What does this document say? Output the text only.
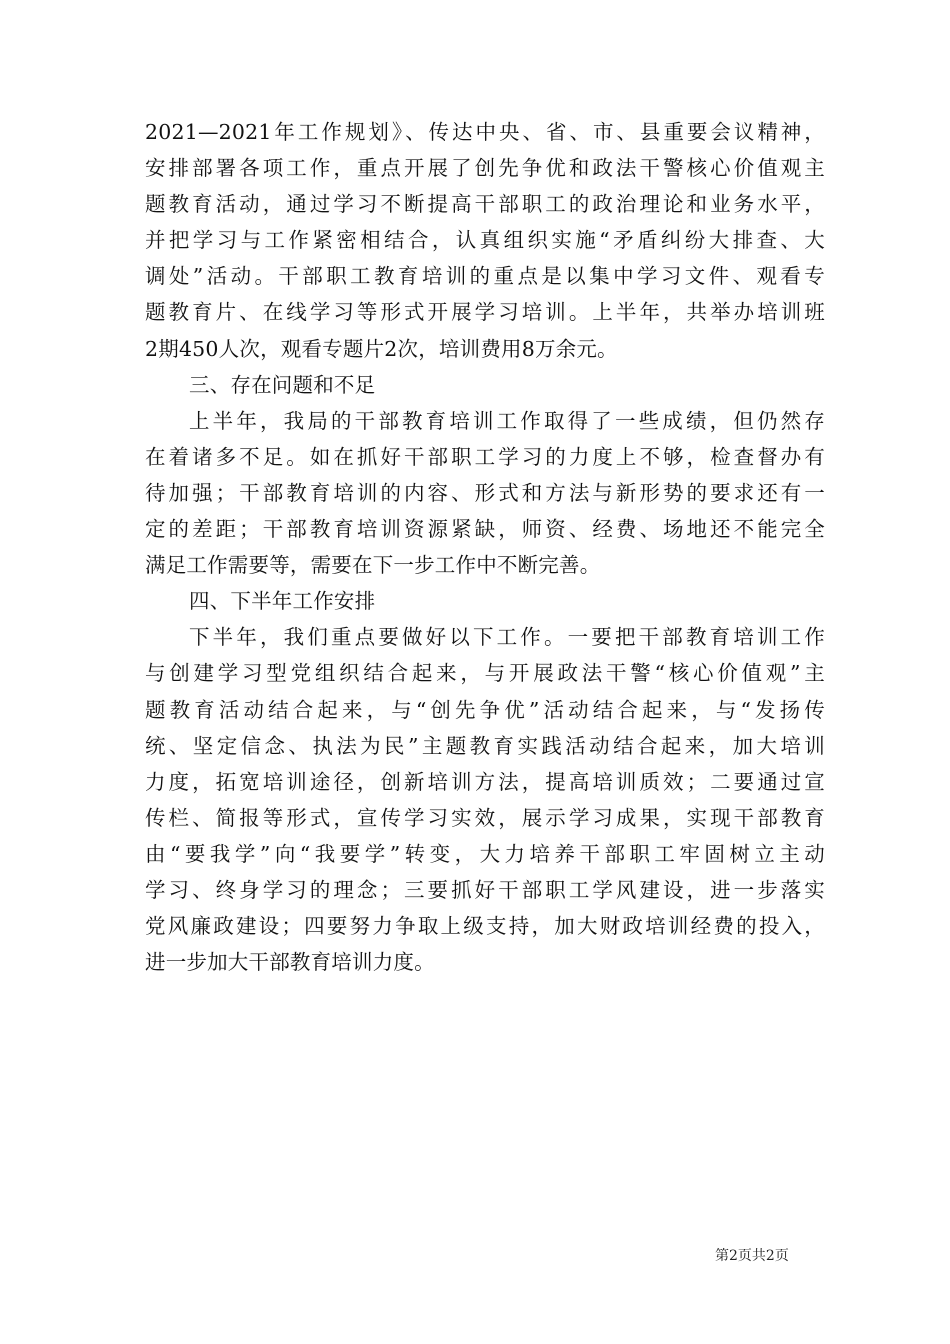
2021—2021年工作规划》、传达中央、省、市、县重要会议精神，
安排部署各项工作，重点开展了创先争优和政法干警核心价值观主
题教育活动，通过学习不断提高干部职工的政治理论和业务水平，
并把学习与工作紧密相结合，认真组织实施“矛盾纠纷大排查、大
调处”活动。干部职工教育培训的重点是以集中学习文件、观看专
题教育片、在线学习等形式开展学习培训。上半年，共举办培训班
2期450人次，观看专题片2次，培训费用8万余元。
三、存在问题和不足
上半年，我局的干部教育培训工作取得了一些成绩，但仍然存
在着诸多不足。如在抓好干部职工学习的力度上不够，检查督办有
待加强；干部教育培训的内容、形式和方法与新形势的要求还有一
定的差距；干部教育培训资源紧缺，师资、经费、场地还不能完全
满足工作需要等，需要在下一步工作中不断完善。
四、下半年工作安排
下半年，我们重点要做好以下工作。一要把干部教育培训工作
与创建学习型党组织结合起来，与开展政法干警“核心价值观”主
题教育活动结合起来，与“创先争优”活动结合起来，与“发扬传
统、坚定信念、执法为民”主题教育实践活动结合起来，加大培训
力度，拓宽培训途径，创新培训方法，提高培训质效；二要通过宣
传栏、简报等形式，宣传学习实效，展示学习成果，实现干部教育
由“要我学”向“我要学”转变，大力培养干部职工牢固树立主动
学习、终身学习的理念；三要抓好干部职工学风建设，进一步落实
党风廉政建设；四要努力争取上级支持，加大财政培训经费的投入，
进一步加大干部教育培训力度。
第2页共2页
